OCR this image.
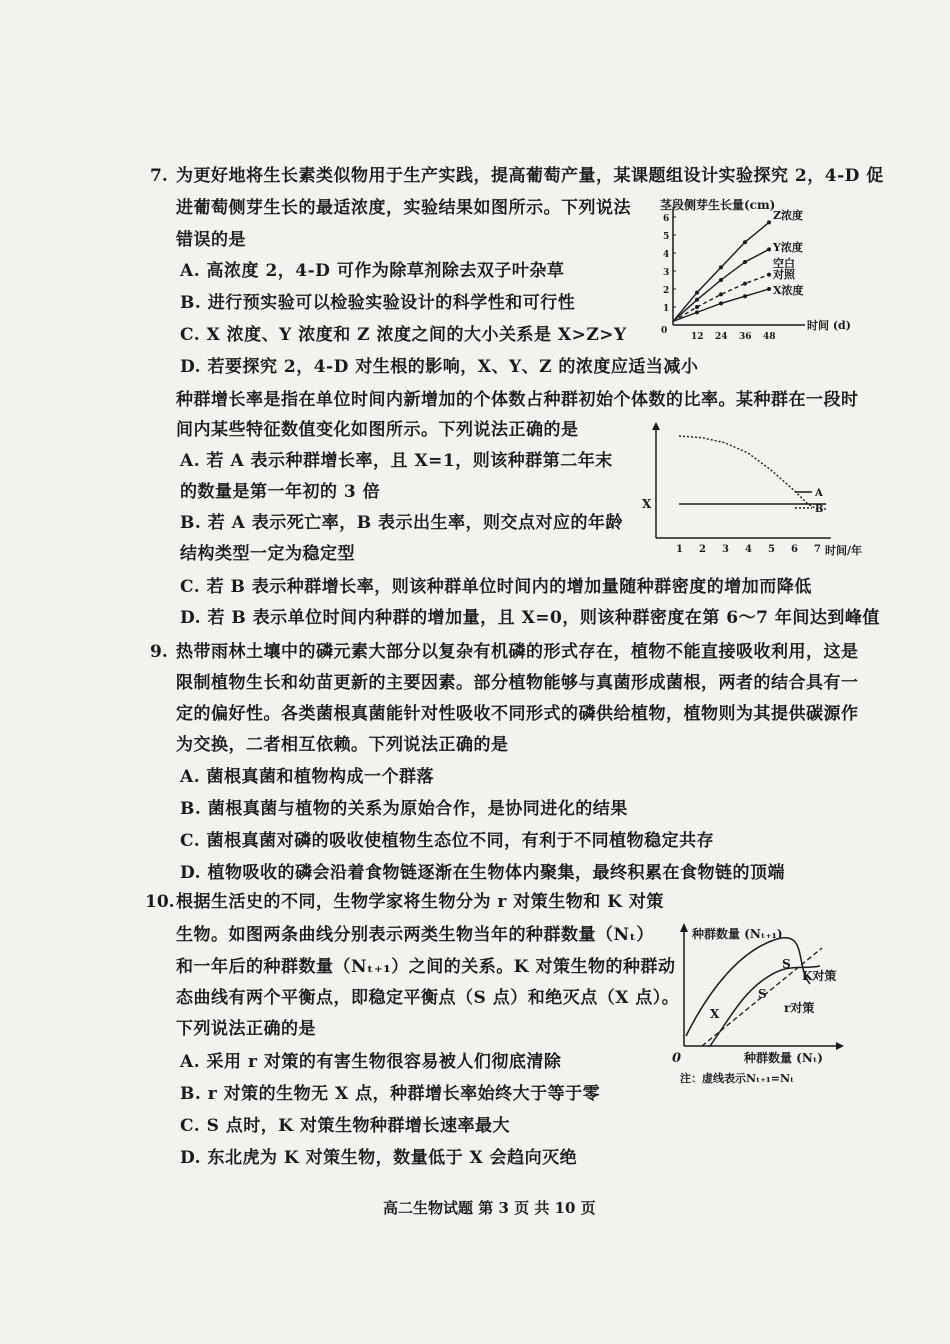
7. 为更好地将生长素类似物用于生产实践，提高葡萄产量，某课题组设计实验探究 2，4-D 促
进葡萄侧芽生长的最适浓度，实验结果如图所示。下列说法
错误的是
A. 高浓度 2，4-D 可作为除草剂除去双子叶杂草
B. 进行预实验可以检验实验设计的科学性和可行性
C. X 浓度、Y 浓度和 Z 浓度之间的大小关系是 X>Z>Y
D. 若要探究 2，4-D 对生根的影响，X、Y、Z 的浓度应适当减小
茎段侧芽生长量(cm)
1
2
3
4
5
6
12 24 36 48
0	时间 (d)
Z浓度
Y浓度
空白
对照
X浓度
种群增长率是指在单位时间内新增加的个体数占种群初始个体数的比率。某种群在一段时
间内某些特征数值变化如图所示。下列说法正确的是
A. 若 A 表示种群增长率，且 X=1，则该种群第二年末
的数量是第一年初的 3 倍
B. 若 A 表示死亡率，B 表示出生率，则交点对应的年龄
结构类型一定为稳定型
C. 若 B 表示种群增长率，则该种群单位时间内的增加量随种群密度的增加而降低
D. 若 B 表示单位时间内种群的增加量，且 X=0，则该种群密度在第 6～7 年间达到峰值
1 2 3 4 5 6 7 时间/年
X
A
B
9. 热带雨林土壤中的磷元素大部分以复杂有机磷的形式存在，植物不能直接吸收利用，这是
限制植物生长和幼苗更新的主要因素。部分植物能够与真菌形成菌根，两者的结合具有一
定的偏好性。各类菌根真菌能针对性吸收不同形式的磷供给植物，植物则为其提供碳源作
为交换，二者相互依赖。下列说法正确的是
A. 菌根真菌和植物构成一个群落
B. 菌根真菌与植物的关系为原始合作，是协同进化的结果
C. 菌根真菌对磷的吸收使植物生态位不同，有利于不同植物稳定共存
D. 植物吸收的磷会沿着食物链逐渐在生物体内聚集，最终积累在食物链的顶端
10. 根据生活史的不同，生物学家将生物分为 r 对策生物和 K 对策
生物。如图两条曲线分别表示两类生物当年的种群数量（Nₜ）
和一年后的种群数量（Nₜ₊₁）之间的关系。K 对策生物的种群动
态曲线有两个平衡点，即稳定平衡点（S 点）和绝灭点（X 点）。
下列说法正确的是
A. 采用 r 对策的有害生物很容易被人们彻底清除
B. r 对策的生物无 X 点，种群增长率始终大于等于零
C. S 点时，K 对策生物种群增长速率最大
D. 东北虎为 K 对策生物，数量低于 X 会趋向灭绝
种群数量 (Nₜ₊₁)
种群数量 (Nₜ)
0
X
S
S
K对策
r对策
注：虚线表示Nₜ₊₁=Nₜ
高二生物试题 第 3 页 共 10 页
